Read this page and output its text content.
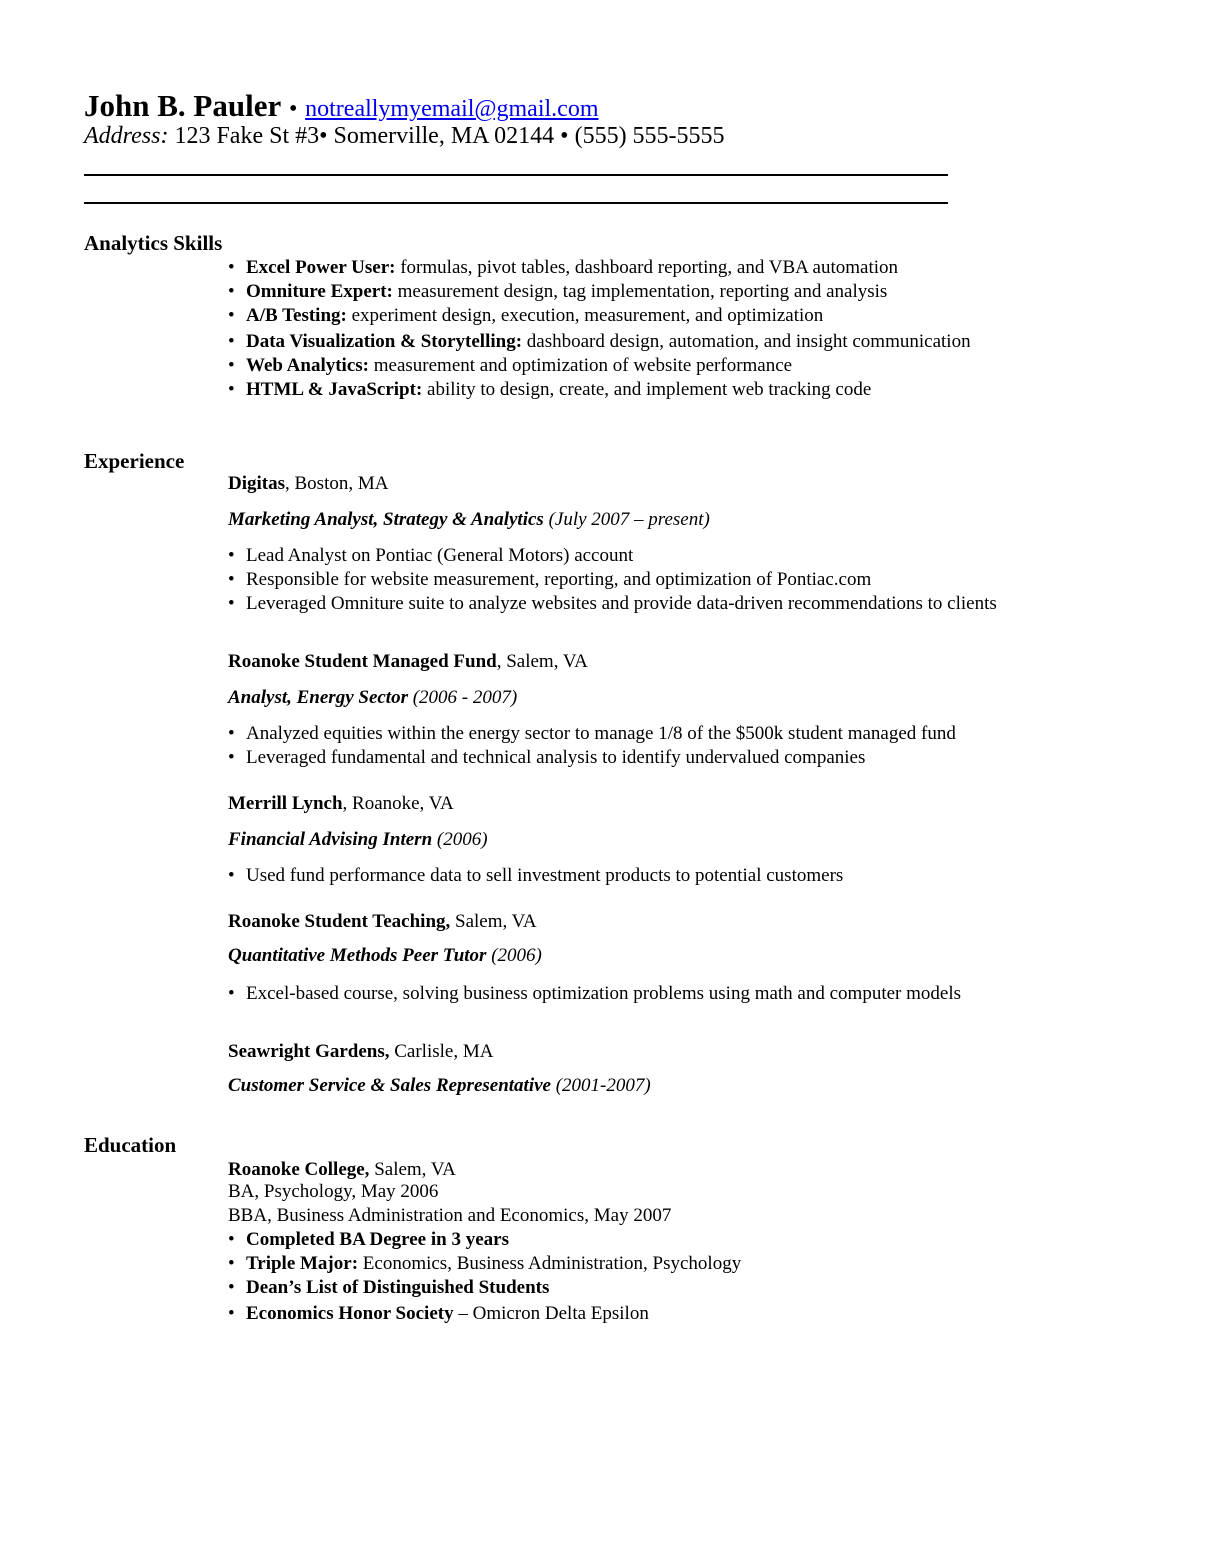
John B. Pauler • notreallymyemail@gmail.com
Address: 123 Fake St #3• Somerville, MA 02144 • (555) 555-5555
Analytics Skills
• Excel Power User: formulas, pivot tables, dashboard reporting, and VBA automation
• Omniture Expert: measurement design, tag implementation, reporting and analysis
• A/B Testing: experiment design, execution, measurement, and optimization
• Data Visualization & Storytelling: dashboard design, automation, and insight communication
• Web Analytics: measurement and optimization of website performance
• HTML & JavaScript: ability to design, create, and implement web tracking code
Experience
Digitas, Boston, MA
Marketing Analyst, Strategy & Analytics (July 2007 – present)
• Lead Analyst on Pontiac (General Motors) account
• Responsible for website measurement, reporting, and optimization of Pontiac.com
• Leveraged Omniture suite to analyze websites and provide data-driven recommendations to clients
Roanoke Student Managed Fund, Salem, VA
Analyst, Energy Sector (2006 - 2007)
• Analyzed equities within the energy sector to manage 1/8 of the $500k student managed fund
• Leveraged fundamental and technical analysis to identify undervalued companies
Merrill Lynch, Roanoke, VA
Financial Advising Intern (2006)
• Used fund performance data to sell investment products to potential customers
Roanoke Student Teaching, Salem, VA
Quantitative Methods Peer Tutor (2006)
• Excel-based course, solving business optimization problems using math and computer models
Seawright Gardens, Carlisle, MA
Customer Service & Sales Representative (2001-2007)
Education
Roanoke College, Salem, VA
BA, Psychology, May 2006
BBA, Business Administration and Economics, May 2007
• Completed BA Degree in 3 years
• Triple Major: Economics, Business Administration, Psychology
• Dean’s List of Distinguished Students
• Economics Honor Society – Omicron Delta Epsilon
